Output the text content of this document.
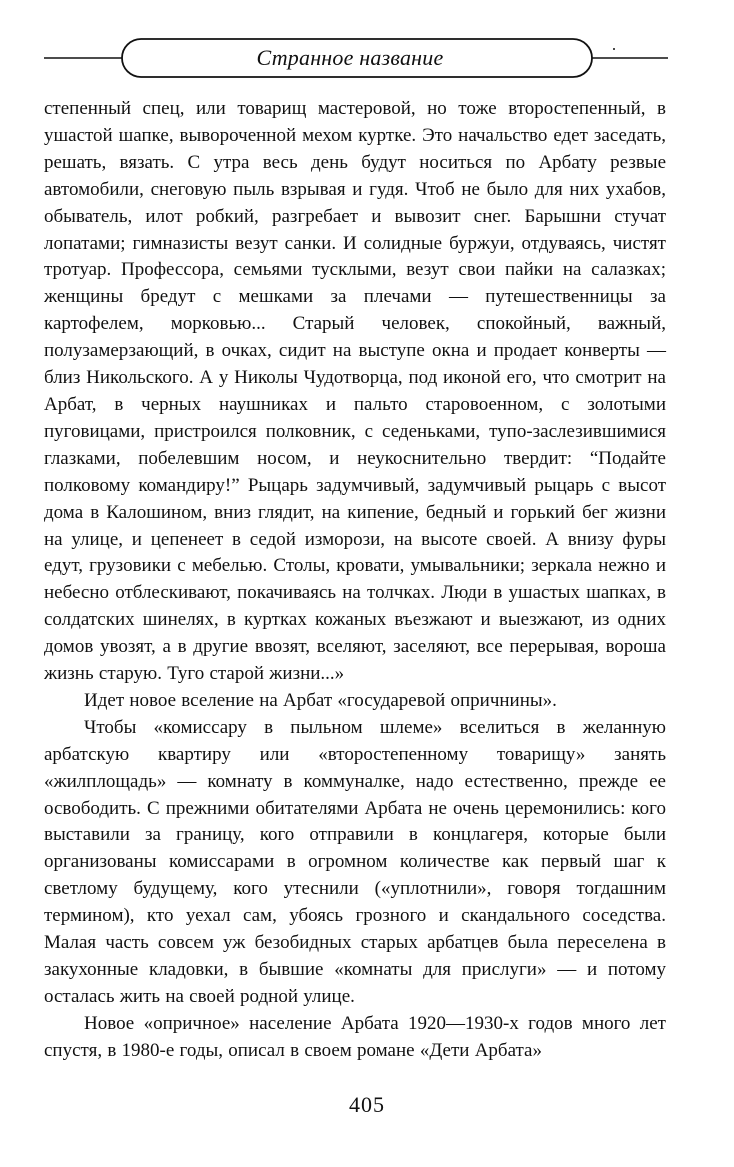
Странное название

степенный спец, или товарищ мастеровой, но тоже второстепенный, в ушастой шапке, вывороченной мехом куртке. Это начальство едет заседать, решать, вязать. С утра весь день будут носиться по Арбату резвые автомобили, снеговую пыль взрывая и гудя. Чтоб не было для них ухабов, обыватель, илот робкий, разгребает и вывозит снег. Барышни стучат лопатами; гимназисты везут санки. И солидные буржуи, отдуваясь, чистят тротуар. Профессора, семьями тусклыми, везут свои пайки на салазках; женщины бредут с мешками за плечами — путешественницы за картофелем, морковью... Старый человек, спокойный, важный, полузамерзающий, в очках, сидит на выступе окна и продает конверты — близ Никольского. А у Николы Чудотворца, под иконой его, что смотрит на Арбат, в черных наушниках и пальто старовоенном, с золотыми пуговицами, пристроился полковник, с седеньками, тупо-заслезившимися глазками, побелевшим носом, и неукоснительно твердит: “Подайте полковому командиру!” Рыцарь задумчивый, задумчивый рыцарь с высот дома в Калошином, вниз глядит, на кипение, бедный и горький бег жизни на улице, и цепенеет в седой изморози, на высоте своей. А внизу фуры едут, грузовики с мебелью. Столы, кровати, умывальники; зеркала нежно и небесно отблескивают, покачиваясь на толчках. Люди в ушастых шапках, в солдатских шинелях, в куртках кожаных въезжают и выезжают, из одних домов увозят, а в другие ввозят, вселяют, заселяют, все перерывая, вороша жизнь старую. Туго старой жизни...»

Идет новое вселение на Арбат «государевой опричнины».

Чтобы «комиссару в пыльном шлеме» вселиться в желанную арбатскую квартиру или «второстепенному товарищу» занять «жилплощадь» — комнату в коммуналке, надо естественно, прежде ее освободить. С прежними обитателями Арбата не очень церемонились: кого выставили за границу, кого отправили в концлагеря, которые были организованы комиссарами в огромном количестве как первый шаг к светлому будущему, кого утеснили («уплотнили», говоря тогдашним термином), кто уехал сам, убоясь грозного и скандального соседства. Малая часть совсем уж безобидных старых арбатцев была переселена в закухонные кладовки, в бывшие «комнаты для прислуги» — и потому осталась жить на своей родной улице.

Новое «опричное» население Арбата 1920—1930-х годов много лет спустя, в 1980-е годы, описал в своем романе «Дети Арбата»

405
